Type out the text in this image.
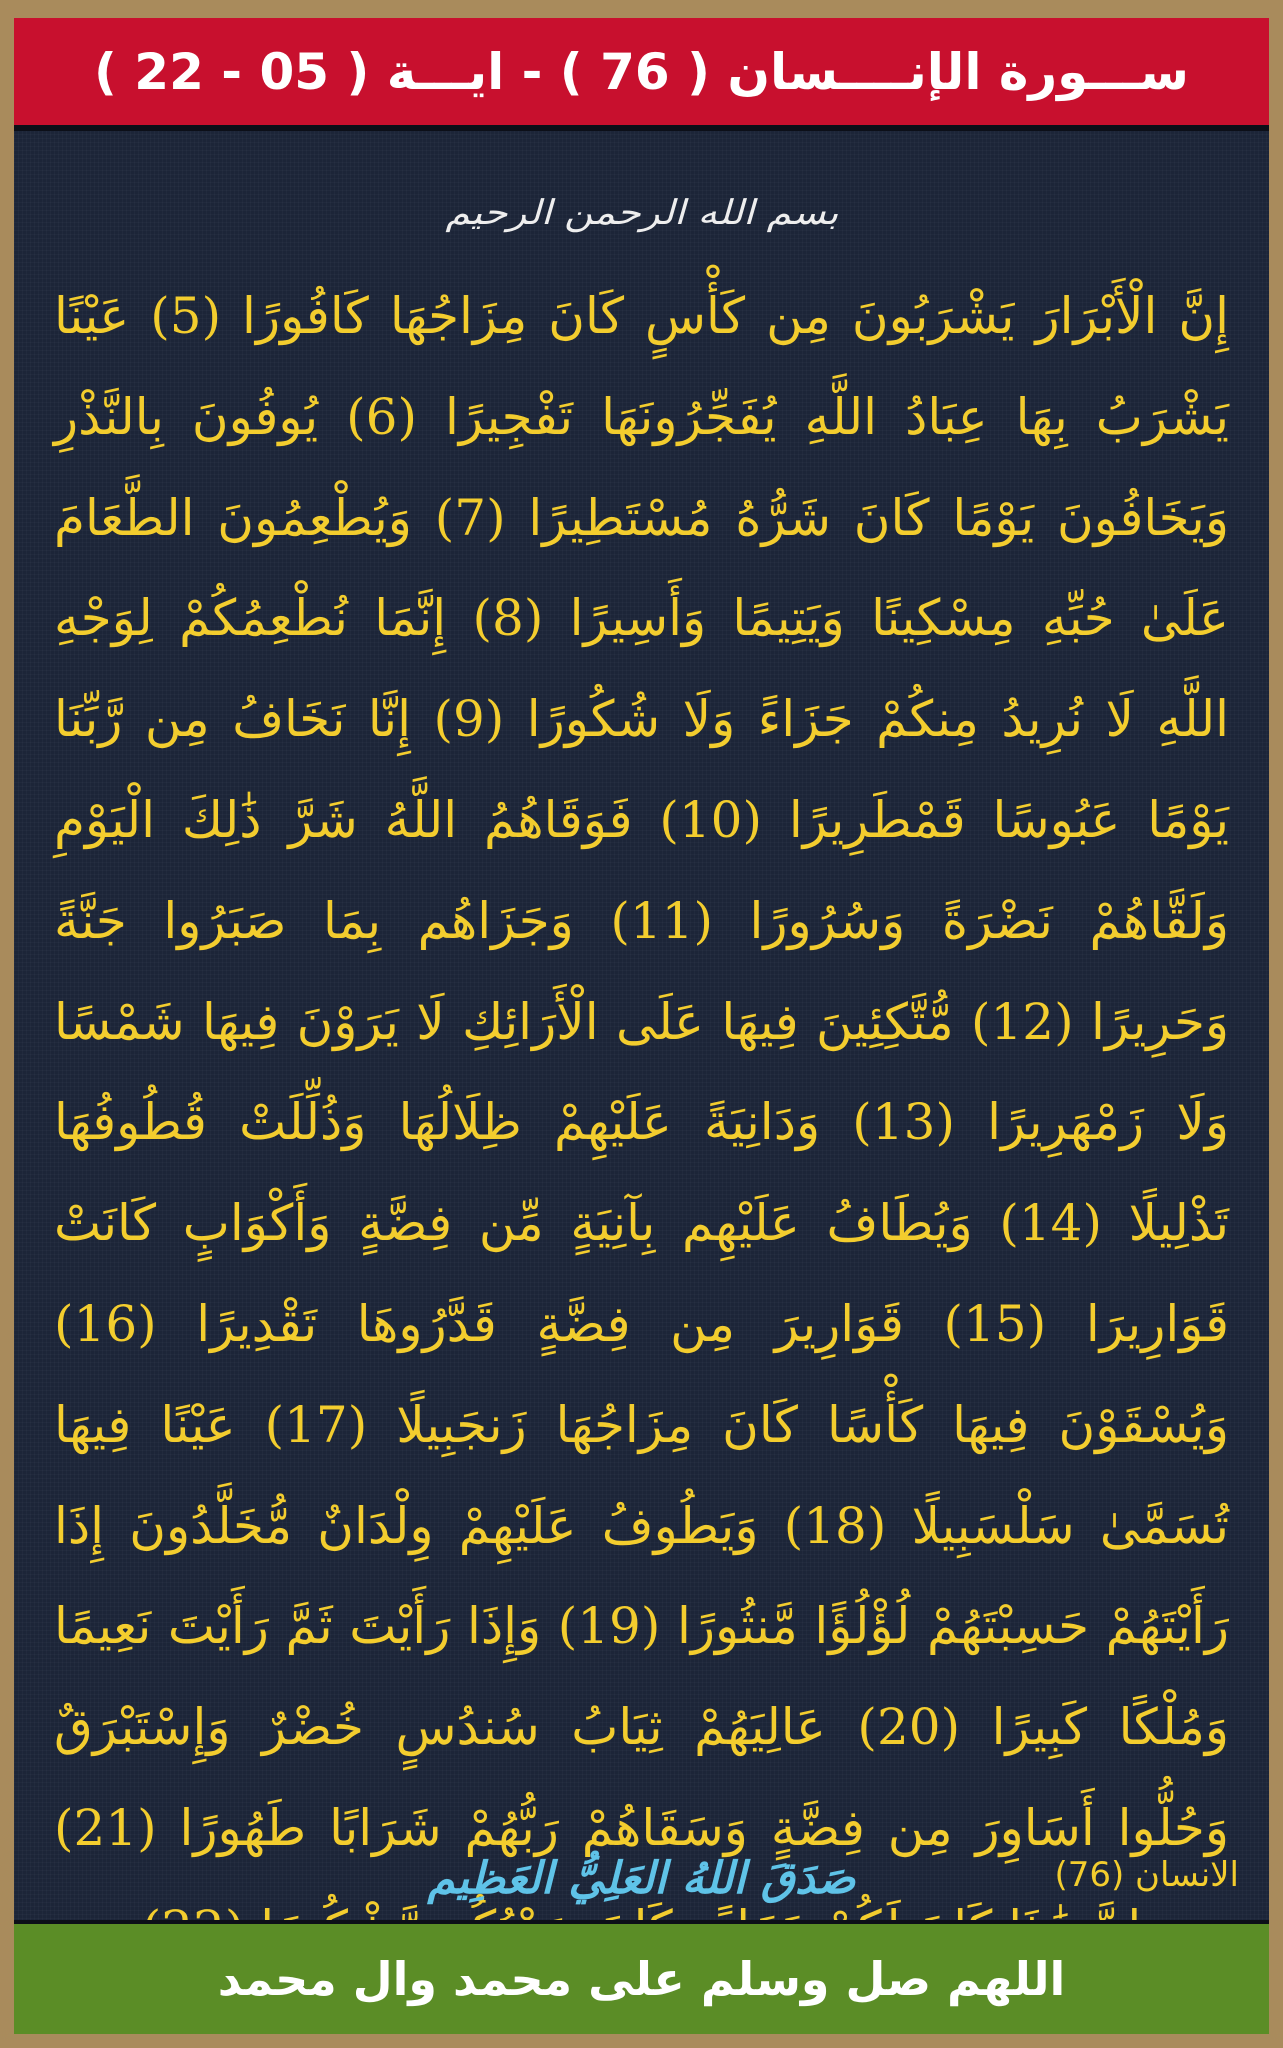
ســـورة الإنــــسان ( 76 ) - ايـــة ( 05 - 22 )
بسم الله الرحمن الرحيم
إِنَّ الْأَبْرَارَ يَشْرَبُونَ مِن كَأْسٍ كَانَ مِزَاجُهَا كَافُورًا (5) عَيْنًا يَشْرَبُ بِهَا عِبَادُ اللَّهِ يُفَجِّرُونَهَا تَفْجِيرًا (6) يُوفُونَ بِالنَّذْرِ وَيَخَافُونَ يَوْمًا كَانَ شَرُّهُ مُسْتَطِيرًا (7) وَيُطْعِمُونَ الطَّعَامَ عَلَىٰ حُبِّهِ مِسْكِينًا وَيَتِيمًا وَأَسِيرًا (8) إِنَّمَا نُطْعِمُكُمْ لِوَجْهِ اللَّهِ لَا نُرِيدُ مِنكُمْ جَزَاءً وَلَا شُكُورًا (9) إِنَّا نَخَافُ مِن رَّبِّنَا يَوْمًا عَبُوسًا قَمْطَرِيرًا (10) فَوَقَاهُمُ اللَّهُ شَرَّ ذَٰلِكَ الْيَوْمِ وَلَقَّاهُمْ نَضْرَةً وَسُرُورًا (11) وَجَزَاهُم بِمَا صَبَرُوا جَنَّةً وَحَرِيرًا (12) مُّتَّكِئِينَ فِيهَا عَلَى الْأَرَائِكِ لَا يَرَوْنَ فِيهَا شَمْسًا وَلَا زَمْهَرِيرًا (13) وَدَانِيَةً عَلَيْهِمْ ظِلَالُهَا وَذُلِّلَتْ قُطُوفُهَا تَذْلِيلًا (14) وَيُطَافُ عَلَيْهِم بِآنِيَةٍ مِّن فِضَّةٍ وَأَكْوَابٍ كَانَتْ قَوَارِيرَا (15) قَوَارِيرَ مِن فِضَّةٍ قَدَّرُوهَا تَقْدِيرًا (16) وَيُسْقَوْنَ فِيهَا كَأْسًا كَانَ مِزَاجُهَا زَنجَبِيلًا (17) عَيْنًا فِيهَا تُسَمَّىٰ سَلْسَبِيلًا (18) وَيَطُوفُ عَلَيْهِمْ وِلْدَانٌ مُّخَلَّدُونَ إِذَا رَأَيْتَهُمْ حَسِبْتَهُمْ لُؤْلُؤًا مَّنثُورًا (19) وَإِذَا رَأَيْتَ ثَمَّ رَأَيْتَ نَعِيمًا وَمُلْكًا كَبِيرًا (20) عَالِيَهُمْ ثِيَابُ سُندُسٍ خُضْرٌ وَإِسْتَبْرَقٌ وَحُلُّوا أَسَاوِرَ مِن فِضَّةٍ وَسَقَاهُمْ رَبُّهُمْ شَرَابًا طَهُورًا (21)
صَدَقَ اللهُ العَلِيُّ العَظِيم	الانسان (76)
اللهم صل وسلم على محمد وال محمد
